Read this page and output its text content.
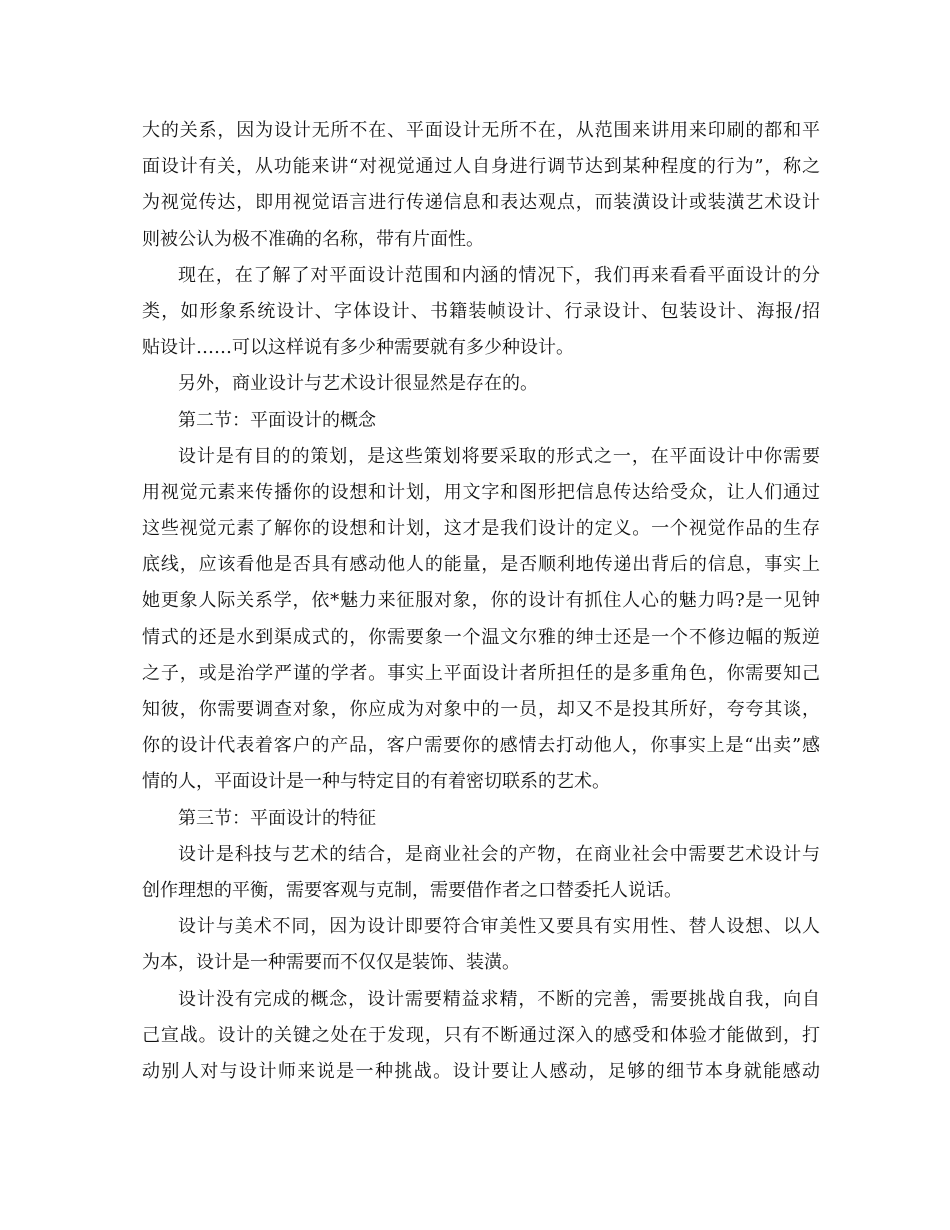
大的关系，因为设计无所不在、平面设计无所不在，从范围来讲用来印刷的都和平
面设计有关，从功能来讲“对视觉通过人自身进行调节达到某种程度的行为”，称之
为视觉传达，即用视觉语言进行传递信息和表达观点，而装潢设计或装潢艺术设计
则被公认为极不准确的名称，带有片面性。
现在，在了解了对平面设计范围和内涵的情况下，我们再来看看平面设计的分
类，如形象系统设计、字体设计、书籍装帧设计、行录设计、包装设计、海报/招
贴设计……可以这样说有多少种需要就有多少种设计。
另外，商业设计与艺术设计很显然是存在的。
第二节：平面设计的概念
设计是有目的的策划，是这些策划将要采取的形式之一，在平面设计中你需要
用视觉元素来传播你的设想和计划，用文字和图形把信息传达给受众，让人们通过
这些视觉元素了解你的设想和计划，这才是我们设计的定义。一个视觉作品的生存
底线，应该看他是否具有感动他人的能量，是否顺利地传递出背后的信息，事实上
她更象人际关系学，依*魅力来征服对象，你的设计有抓住人心的魅力吗?是一见钟
情式的还是水到渠成式的，你需要象一个温文尔雅的绅士还是一个不修边幅的叛逆
之子，或是治学严谨的学者。事实上平面设计者所担任的是多重角色，你需要知己
知彼，你需要调查对象，你应成为对象中的一员，却又不是投其所好，夸夸其谈，
你的设计代表着客户的产品，客户需要你的感情去打动他人，你事实上是“出卖”感
情的人，平面设计是一种与特定目的有着密切联系的艺术。
第三节：平面设计的特征
设计是科技与艺术的结合，是商业社会的产物，在商业社会中需要艺术设计与
创作理想的平衡，需要客观与克制，需要借作者之口替委托人说话。
设计与美术不同，因为设计即要符合审美性又要具有实用性、替人设想、以人
为本，设计是一种需要而不仅仅是装饰、装潢。
设计没有完成的概念，设计需要精益求精，不断的完善，需要挑战自我，向自
己宣战。设计的关键之处在于发现，只有不断通过深入的感受和体验才能做到，打
动别人对与设计师来说是一种挑战。设计要让人感动，足够的细节本身就能感动
